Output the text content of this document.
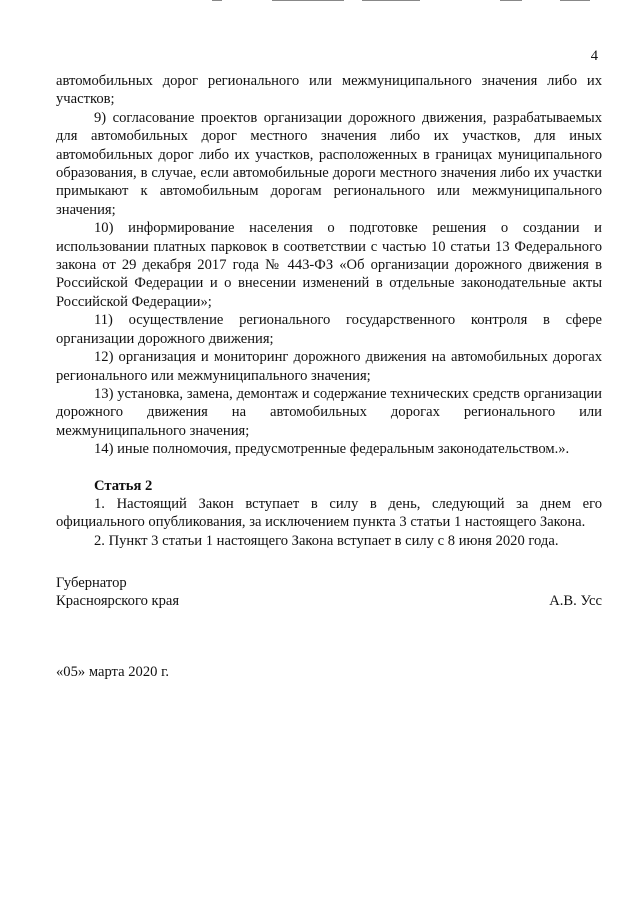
4

автомобильных дорог регионального или межмуниципального значения либо их участков;

9) согласование проектов организации дорожного движения, разрабатываемых для автомобильных дорог местного значения либо их участков, для иных автомобильных дорог либо их участков, расположенных в границах муниципального образования, в случае, если автомобильные дороги местного значения либо их участки примыкают к автомобильным дорогам регионального или межмуниципального значения;

10) информирование населения о подготовке решения о создании и использовании платных парковок в соответствии с частью 10 статьи 13 Федерального закона от 29 декабря 2017 года № 443-ФЗ «Об организации дорожного движения в Российской Федерации и о внесении изменений в отдельные законодательные акты Российской Федерации»;

11) осуществление регионального государственного контроля в сфере организации дорожного движения;

12) организация и мониторинг дорожного движения на автомобильных дорогах регионального или межмуниципального значения;

13) установка, замена, демонтаж и содержание технических средств организации дорожного движения на автомобильных дорогах регионального или межмуниципального значения;

14) иные полномочия, предусмотренные федеральным законодательством.».

Статья 2

1. Настоящий Закон вступает в силу в день, следующий за днем его официального опубликования, за исключением пункта 3 статьи 1 настоящего Закона.

2. Пункт 3 статьи 1 настоящего Закона вступает в силу с 8 июня 2020 года.

Губернатор
Красноярского края	А.В. Усс
«05» марта 2020 г.
